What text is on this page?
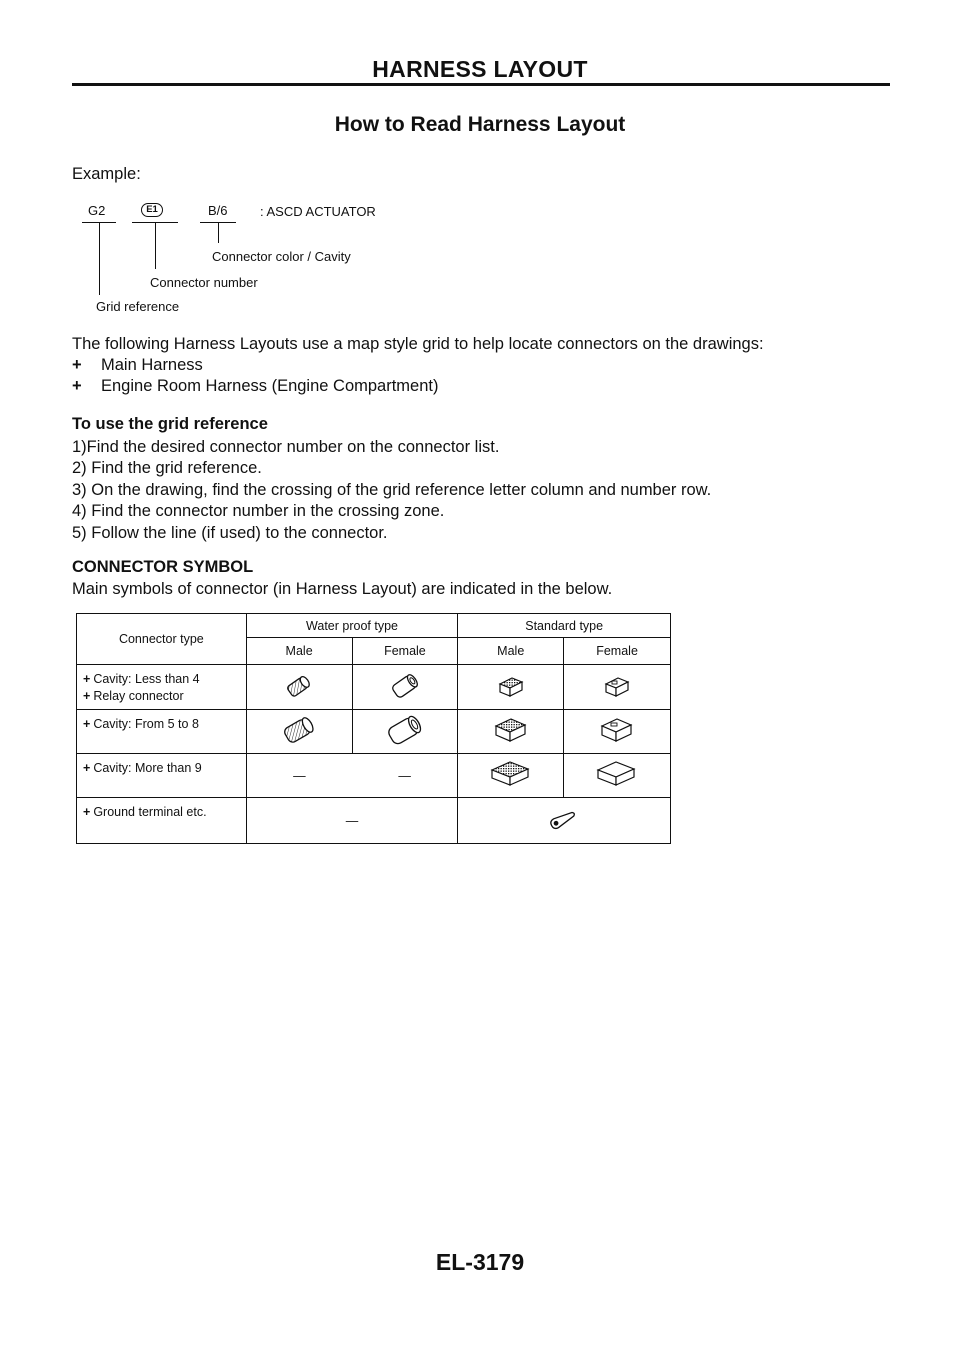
HARNESS LAYOUT
How to Read Harness Layout
Example:
G2	E1	B/6 : ASCD ACTUATOR
Connector color / Cavity
Connector number
Grid reference
The following Harness Layouts use a map style grid to help locate connectors on the drawings:
+ Main Harness
+ Engine Room Harness (Engine Compartment)
To use the grid reference
1)Find the desired connector number on the connector list.
2) Find the grid reference.
3) On the drawing, find the crossing of the grid reference letter column and number row.
4) Find the connector number in the crossing zone.
5) Follow the line (if used) to the connector.
CONNECTOR SYMBOL
Main symbols of connector (in Harness Layout) are indicated in the below.
Connector type	Water proof type		Standard type	
	Male	Female	Male	Female

+ Cavity: Less than 4
+ Relay connector

+ Cavity: From 5 to 8

+ Cavity: More than 9	—	—		

+ Ground terminal etc.	—	
EL-3179
